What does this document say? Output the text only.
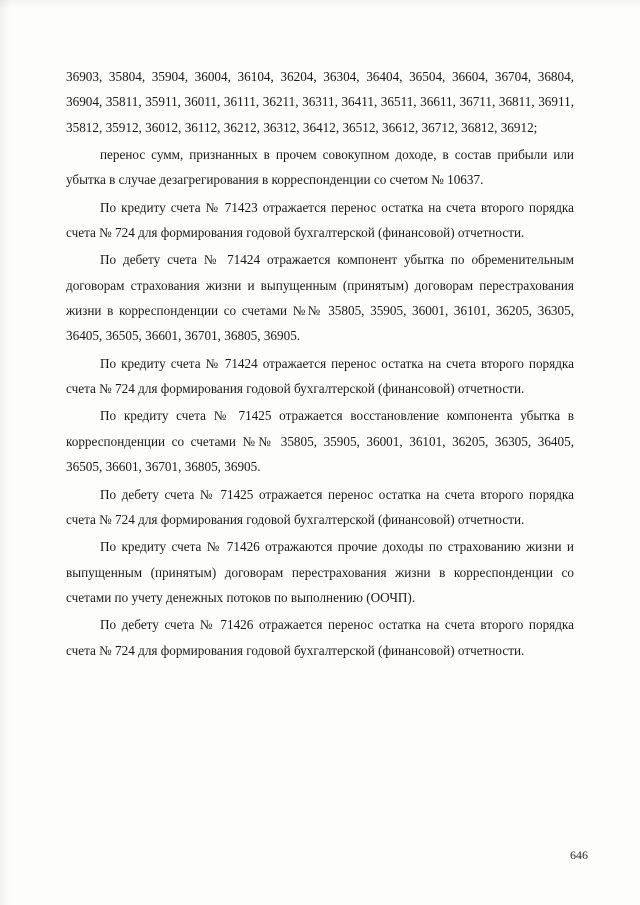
36903, 35804, 35904, 36004, 36104, 36204, 36304, 36404, 36504, 36604, 36704, 36804, 36904, 35811, 35911, 36011, 36111, 36211, 36311, 36411, 36511, 36611, 36711, 36811, 36911, 35812, 35912, 36012, 36112, 36212, 36312, 36412, 36512, 36612, 36712, 36812, 36912;

перенос сумм, признанных в прочем совокупном доходе, в состав прибыли или убытка в случае дезагрегирования в корреспонденции со счетом № 10637.

По кредиту счета № 71423 отражается перенос остатка на счета второго порядка счета № 724 для формирования годовой бухгалтерской (финансовой) отчетности.

По дебету счета № 71424 отражается компонент убытка по обременительным договорам страхования жизни и выпущенным (принятым) договорам перестрахования жизни в корреспонденции со счетами №№ 35805, 35905, 36001, 36101, 36205, 36305, 36405, 36505, 36601, 36701, 36805, 36905.

По кредиту счета № 71424 отражается перенос остатка на счета второго порядка счета № 724 для формирования годовой бухгалтерской (финансовой) отчетности.

По кредиту счета № 71425 отражается восстановление компонента убытка в корреспонденции со счетами №№ 35805, 35905, 36001, 36101, 36205, 36305, 36405, 36505, 36601, 36701, 36805, 36905.

По дебету счета № 71425 отражается перенос остатка на счета второго порядка счета № 724 для формирования годовой бухгалтерской (финансовой) отчетности.

По кредиту счета № 71426 отражаются прочие доходы по страхованию жизни и выпущенным (принятым) договорам перестрахования жизни в корреспонденции со счетами по учету денежных потоков по выполнению (ООЧП).

По дебету счета № 71426 отражается перенос остатка на счета второго порядка счета № 724 для формирования годовой бухгалтерской (финансовой) отчетности.

646
